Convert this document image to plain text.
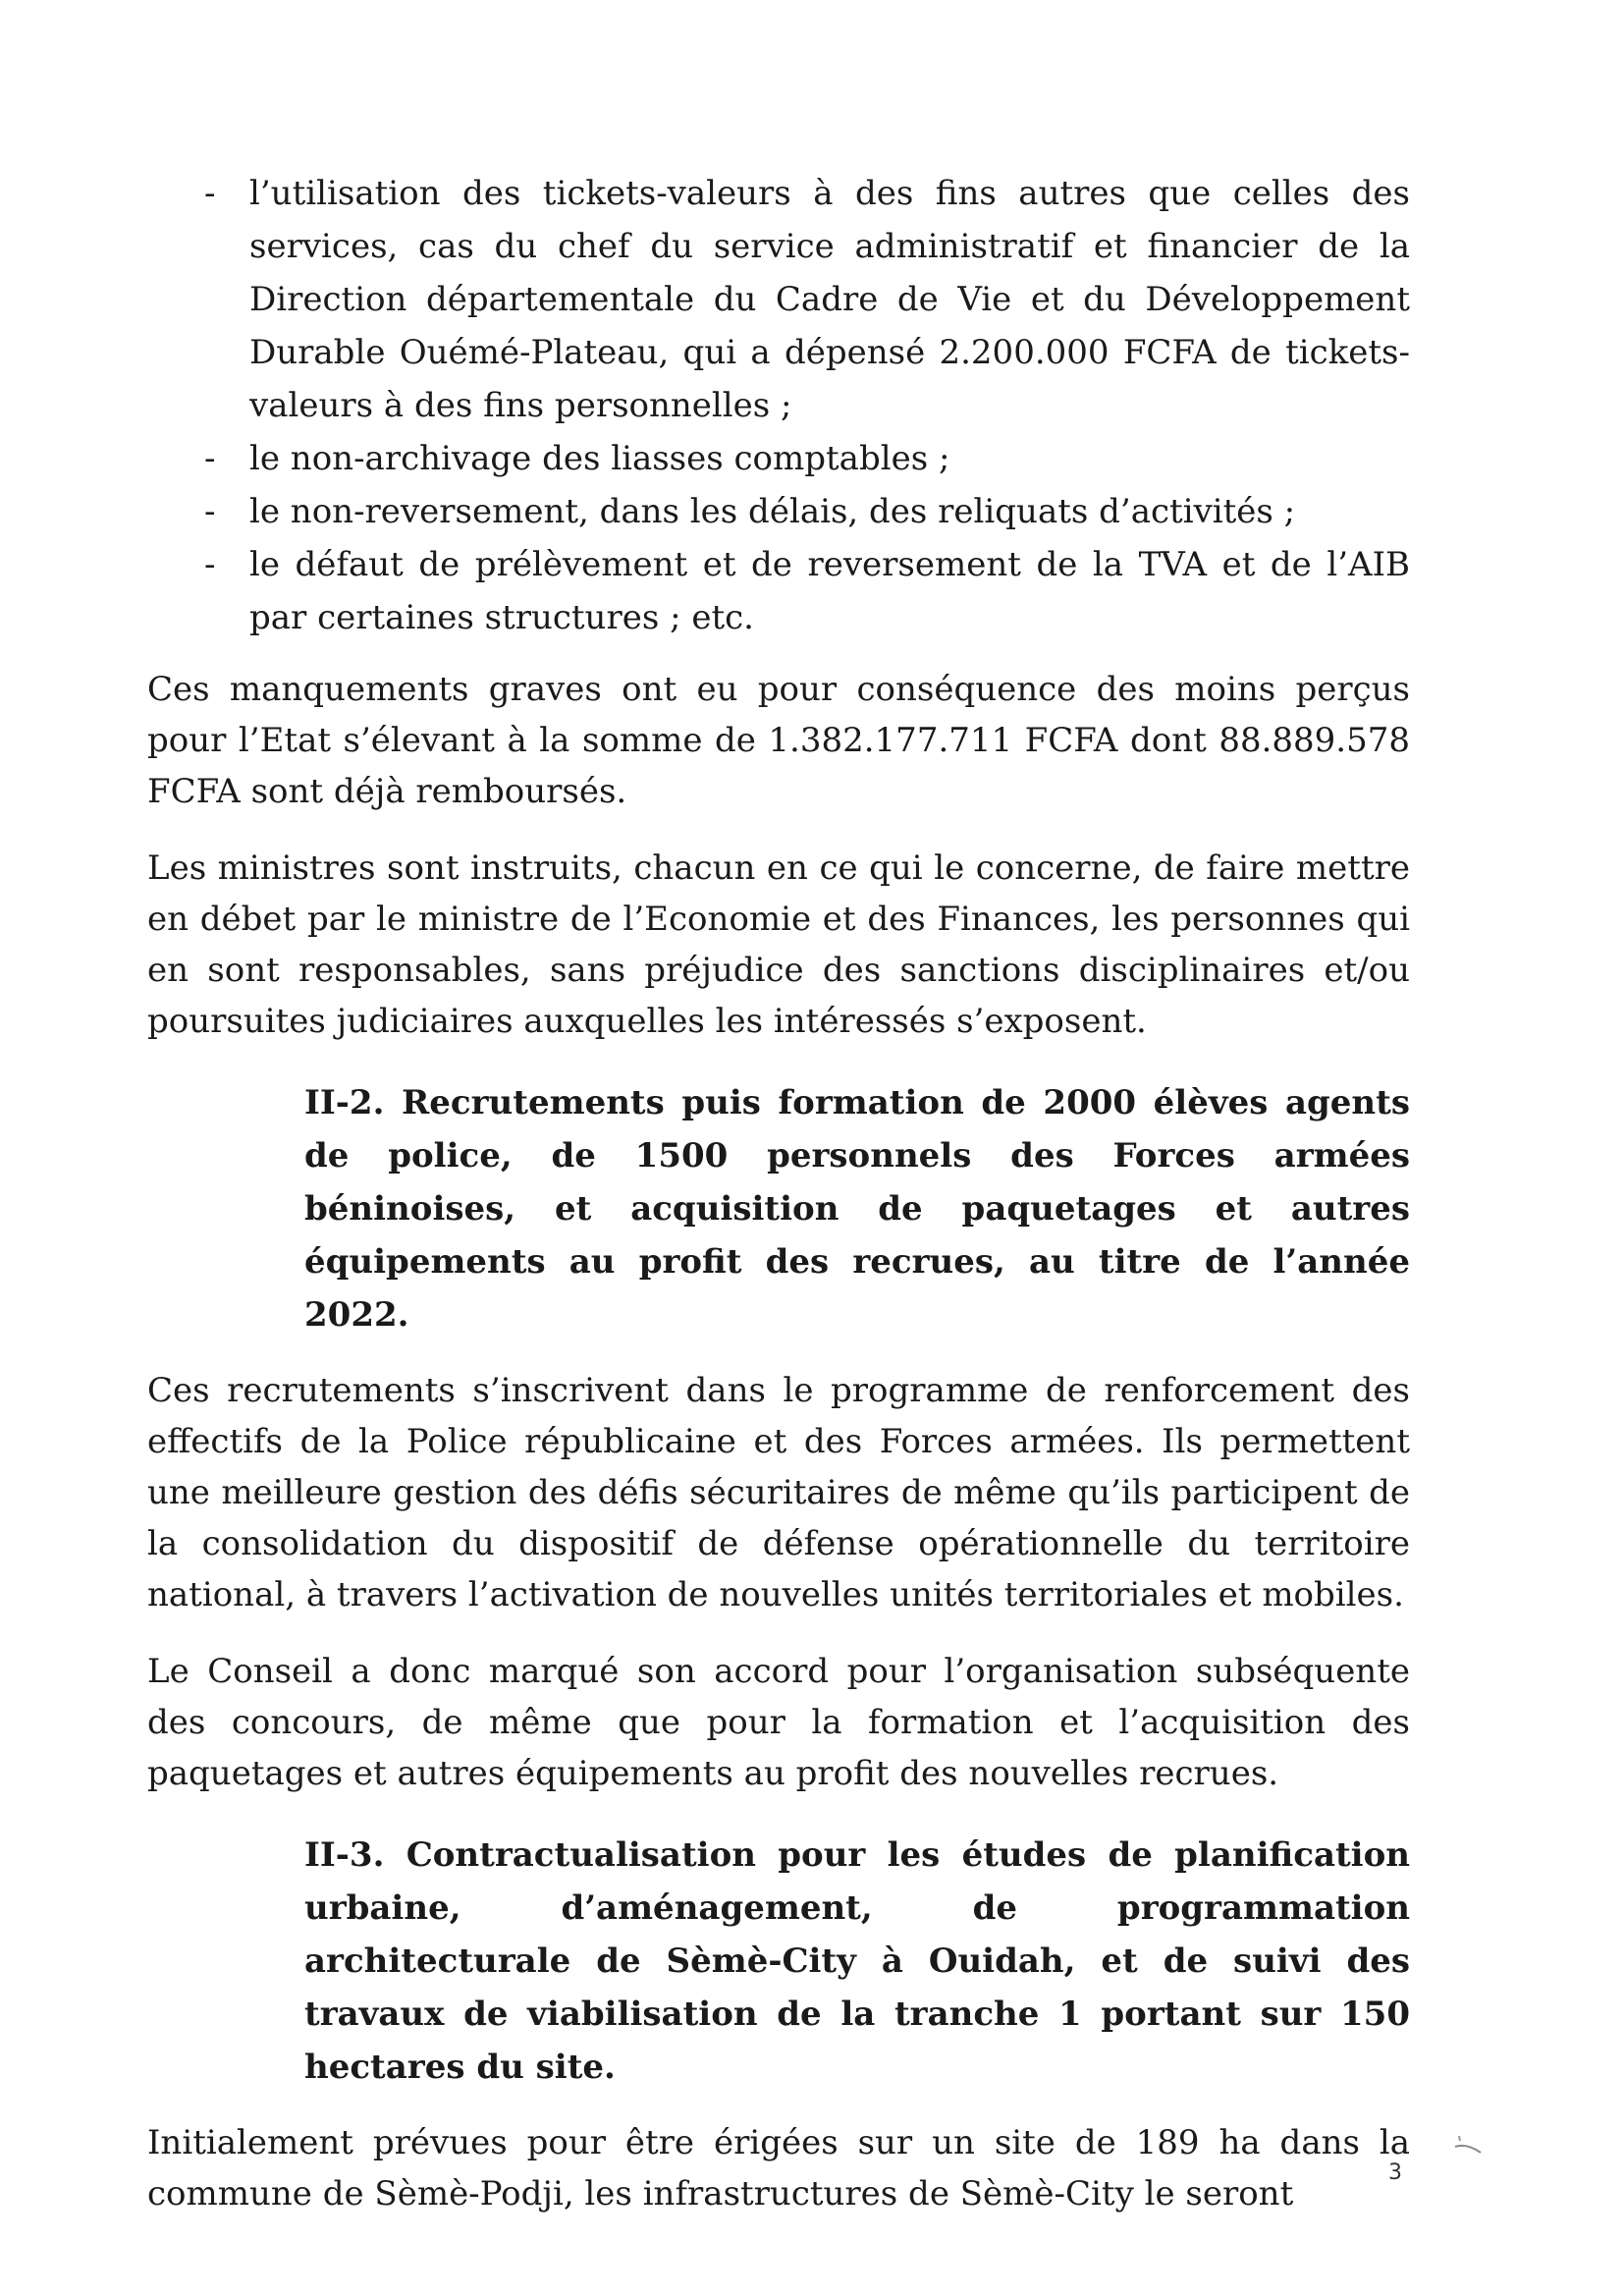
- l’utilisation des tickets-valeurs à des fins autres que celles des services, cas du chef du service administratif et financier de la Direction départementale du Cadre de Vie et du Développement Durable Ouémé-Plateau, qui a dépensé 2.200.000 FCFA de tickets-valeurs à des fins personnelles ;
- le non-archivage des liasses comptables ;
- le non-reversement, dans les délais, des reliquats d’activités ;
- le défaut de prélèvement et de reversement de la TVA et de l’AIB par certaines structures ; etc.

Ces manquements graves ont eu pour conséquence des moins perçus pour l’Etat s’élevant à la somme de 1.382.177.711 FCFA dont 88.889.578 FCFA sont déjà remboursés.

Les ministres sont instruits, chacun en ce qui le concerne, de faire mettre en débet par le ministre de l’Economie et des Finances, les personnes qui en sont responsables, sans préjudice des sanctions disciplinaires et/ou poursuites judiciaires auxquelles les intéressés s’exposent.

II-2. Recrutements puis formation de 2000 élèves agents de police, de 1500 personnels des Forces armées béninoises, et acquisition de paquetages et autres équipements au profit des recrues, au titre de l’année 2022.

Ces recrutements s’inscrivent dans le programme de renforcement des effectifs de la Police républicaine et des Forces armées. Ils permettent une meilleure gestion des défis sécuritaires de même qu’ils participent de la consolidation du dispositif de défense opérationnelle du territoire national, à travers l’activation de nouvelles unités territoriales et mobiles.

Le Conseil a donc marqué son accord pour l’organisation subséquente des concours, de même que pour la formation et l’acquisition des paquetages et autres équipements au profit des nouvelles recrues.

II-3. Contractualisation pour les études de planification urbaine, d’aménagement, de programmation architecturale de Sèmè-City à Ouidah, et de suivi des travaux de viabilisation de la tranche 1 portant sur 150 hectares du site.

Initialement prévues pour être érigées sur un site de 189 ha dans la commune de Sèmè-Podji, les infrastructures de Sèmè-City le seront

3
